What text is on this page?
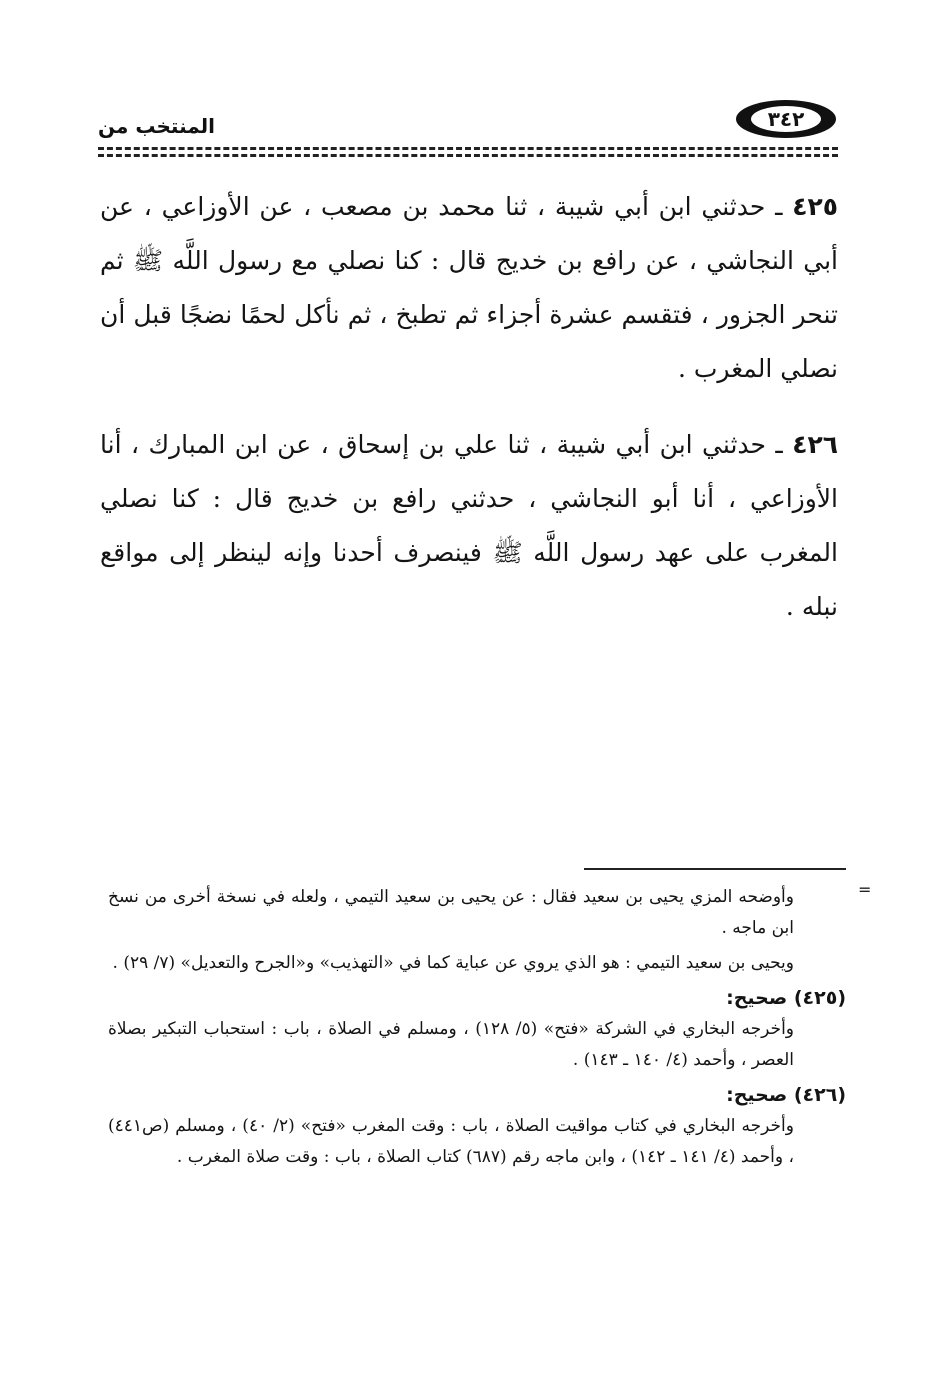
٣٤٢
المنتخب من

٤٢٥ ـ حدثني ابن أبي شيبة ، ثنا محمد بن مصعب ، عن الأوزاعي ، عن أبي النجاشي ، عن رافع بن خديج قال : كنا نصلي مع رسول اللَّه ﷺ ثم تنحر الجزور ، فتقسم عشرة أجزاء ثم تطبخ ، ثم نأكل لحمًا نضجًا قبل أن نصلي المغرب .

٤٢٦ ـ حدثني ابن أبي شيبة ، ثنا علي بن إسحاق ، عن ابن المبارك ، أنا الأوزاعي ، أنا أبو النجاشي ، حدثني رافع بن خديج قال : كنا نصلي المغرب على عهد رسول اللَّه ﷺ فينصرف أحدنا وإنه لينظر إلى مواقع نبله .

=

وأوضحه المزي يحيى بن سعيد فقال : عن يحيى بن سعيد التيمي ، ولعله في نسخة أخرى من نسخ ابن ماجه .

ويحيى بن سعيد التيمي : هو الذي يروي عن عباية كما في «التهذيب» و«الجرح والتعديل» (٧/ ٢٩) .

(٤٢٥) صحيح:

وأخرجه البخاري في الشركة «فتح» (٥/ ١٢٨) ، ومسلم في الصلاة ، باب : استحباب التبكير بصلاة العصر ، وأحمد (٤/ ١٤٠ ـ ١٤٣) .

(٤٢٦) صحيح:

وأخرجه البخاري في كتاب مواقيت الصلاة ، باب : وقت المغرب «فتح» (٢/ ٤٠) ، ومسلم (ص٤٤١) ، وأحمد (٤/ ١٤١ ـ ١٤٢) ، وابن ماجه رقم (٦٨٧) كتاب الصلاة ، باب : وقت صلاة المغرب .
